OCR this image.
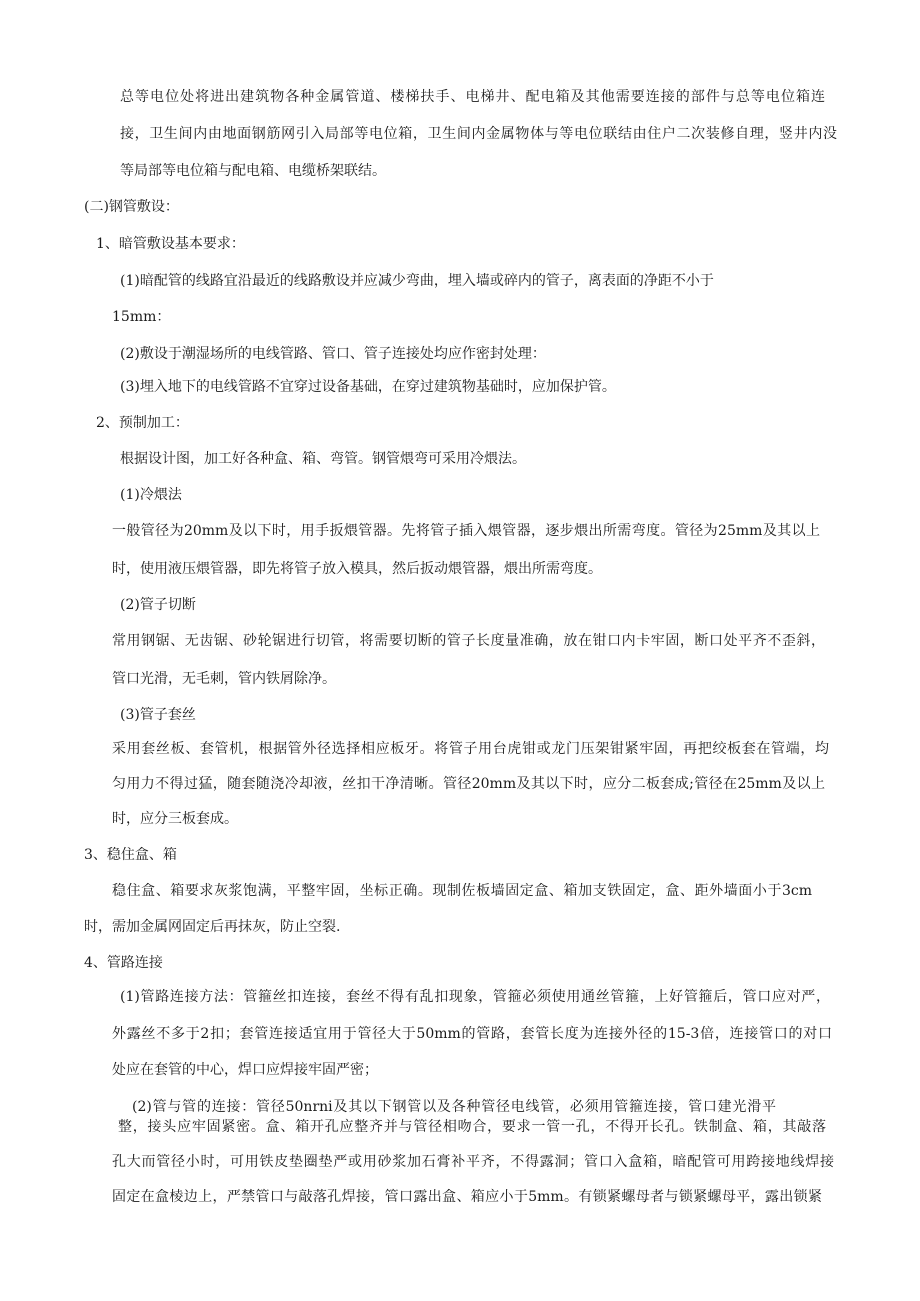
总等电位处将进出建筑物各种金属管道、楼梯扶手、电梯井、配电箱及其他需要连接的部件与总等电位箱连
接，卫生间内由地面钢筋网引入局部等电位箱，卫生间内金属物体与等电位联结由住户二次装修自理，竖井内没
等局部等电位箱与配电箱、电缆桥架联结。
(二)钢管敷设：
1、暗管敷设基本要求：
(1)暗配管的线路宜沿最近的线路敷设并应减少弯曲，埋入墙或碎内的管子，离表面的净距不小于
15mm：
(2)敷设于潮湿场所的电线管路、管口、管子连接处均应作密封处理：
(3)埋入地下的电线管路不宜穿过设备基础，在穿过建筑物基础时，应加保护管。
2、预制加工：
根据设计图，加工好各种盒、箱、弯管。钢管煨弯可采用冷煨法。
(1)冷煨法
一般管径为20mm及以下时，用手扳煨管器。先将管子插入煨管器，逐步煨出所需弯度。管径为25mm及其以上
时，使用液压煨管器，即先将管子放入模具，然后扳动煨管器，煨出所需弯度。
(2)管子切断
常用钢锯、无齿锯、砂轮锯进行切管，将需要切断的管子长度量准确，放在钳口内卡牢固，断口处平齐不歪斜，
管口光滑，无毛刺，管内铁屑除净。
(3)管子套丝
采用套丝板、套管机，根据管外径选择相应板牙。将管子用台虎钳或龙门压架钳紧牢固，再把绞板套在管端，均
匀用力不得过猛，随套随浇冷却液，丝扣干净清晰。管径20mm及其以下时，应分二板套成;管径在25mm及以上
时，应分三板套成。
3、稳住盒、箱
稳住盒、箱要求灰浆饱满，平整牢固，坐标正确。现制佐板墙固定盒、箱加支铁固定，盒、距外墙面小于3cm
时，需加金属网固定后再抹灰，防止空裂.
4、管路连接
(1)管路连接方法：管箍丝扣连接，套丝不得有乱扣现象，管箍必须使用通丝管箍，上好管箍后，管口应对严，
外露丝不多于2扣；套管连接适宜用于管径大于50mm的管路，套管长度为连接外径的15-3倍，连接管口的对口
处应在套管的中心，焊口应焊接牢固严密；
(2)管与管的连接：管径50nrni及其以下钢管以及各种管径电线管，必须用管箍连接，管口建光滑平
整，接头应牢固紧密。盒、箱开孔应整齐并与管径相吻合，要求一管一孔，不得开长孔。铁制盒、箱，其敲落
孔大而管径小时，可用铁皮垫圈垫严或用砂浆加石膏补平齐，不得露洞；管口入盒箱，暗配管可用跨接地线焊接
固定在盒棱边上，严禁管口与敲落孔焊接，管口露出盒、箱应小于5mm。有锁紧螺母者与锁紧螺母平，露出锁紧
